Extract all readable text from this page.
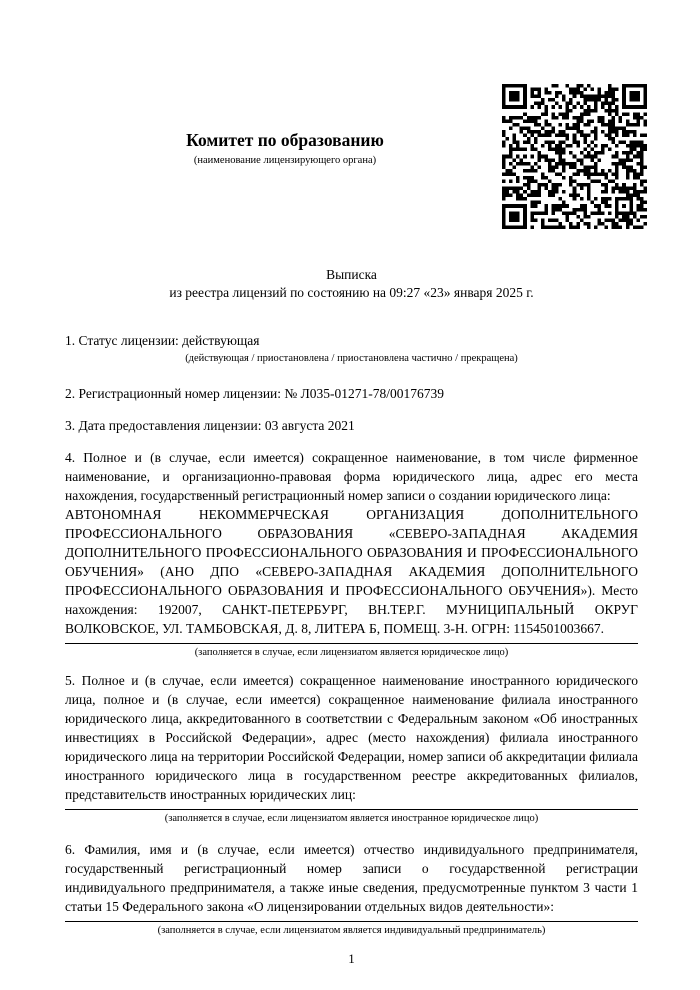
Комитет по образованию
(наименование лицензирующего органа)
Выписка
из реестра лицензий по состоянию на 09:27 «23» января 2025 г.

1. Статус лицензии: действующая

(действующая / приостановлена / приостановлена частично / прекращена)

2. Регистрационный номер лицензии: № Л035-01271-78/00176739

3. Дата предоставления лицензии: 03 августа 2021

4. Полное и (в случае, если имеется) сокращенное наименование, в том числе фирменное наименование, и организационно-правовая форма юридического лица, адрес его места нахождения, государственный регистрационный номер записи о создании юридического лица:

АВТОНОМНАЯ НЕКОММЕРЧЕСКАЯ ОРГАНИЗАЦИЯ ДОПОЛНИТЕЛЬНОГО ПРОФЕССИОНАЛЬНОГО ОБРАЗОВАНИЯ «СЕВЕРО-ЗАПАДНАЯ АКАДЕМИЯ ДОПОЛНИТЕЛЬНОГО ПРОФЕССИОНАЛЬНОГО ОБРАЗОВАНИЯ И ПРОФЕССИОНАЛЬНОГО ОБУЧЕНИЯ» (АНО ДПО «СЕВЕРО-ЗАПАДНАЯ АКАДЕМИЯ ДОПОЛНИТЕЛЬНОГО ПРОФЕССИОНАЛЬНОГО ОБРАЗОВАНИЯ И ПРОФЕССИОНАЛЬНОГО ОБУЧЕНИЯ»). Место нахождения: 192007, САНКТ-ПЕТЕРБУРГ, ВН.ТЕР.Г. МУНИЦИПАЛЬНЫЙ ОКРУГ ВОЛКОВСКОЕ, УЛ. ТАМБОВСКАЯ, Д. 8, ЛИТЕРА Б, ПОМЕЩ. 3-Н. ОГРН: 1154501003667.

(заполняется в случае, если лицензиатом является юридическое лицо)

5. Полное и (в случае, если имеется) сокращенное наименование иностранного юридического лица, полное и (в случае, если имеется) сокращенное наименование филиала иностранного юридического лица, аккредитованного в соответствии с Федеральным законом «Об иностранных инвестициях в Российской Федерации», адрес (место нахождения) филиала иностранного юридического лица на территории Российской Федерации, номер записи об аккредитации филиала иностранного юридического лица в государственном реестре аккредитованных филиалов, представительств иностранных юридических лиц:

(заполняется в случае, если лицензиатом является иностранное юридическое лицо)

6. Фамилия, имя и (в случае, если имеется) отчество индивидуального предпринимателя, государственный регистрационный номер записи о государственной регистрации индивидуального предпринимателя, а также иные сведения, предусмотренные пунктом 3 части 1 статьи 15 Федерального закона «О лицензировании отдельных видов деятельности»:

(заполняется в случае, если лицензиатом является индивидуальный предприниматель)

1
